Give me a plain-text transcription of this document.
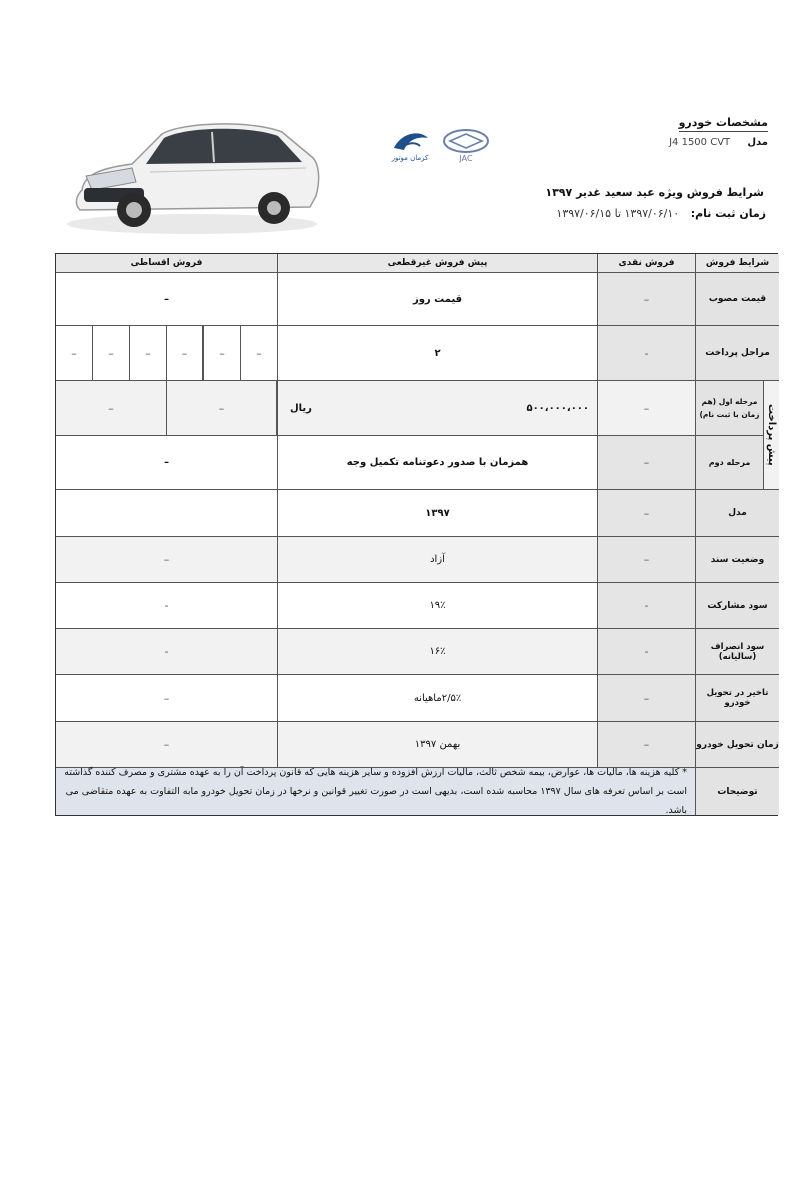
JAC
کرمان موتور
مشخصات خودرو
مدل J4 1500 CVT
شرایط فروش ویژه عید سعید غدیر ۱۳۹۷
زمان ثبت نام: ۱۳۹۷/۰۶/۱۰ تا ۱۳۹۷/۰۶/۱۵
شرایط فروش
فروش نقدی
پیش فروش غیرقطعی
فروش اقساطی
قیمت مصوب
–
قیمت روز
–
مراحل پرداخت
-
۲
–
–
–
–
–
–
پیش پرداخت
مرحله اول (هم زمان با ثبت نام)
–
۵۰۰،۰۰۰،۰۰۰
ریال
–
–
مرحله دوم
–
همزمان با صدور دعوتنامه تکمیل وجه
–
مدل
–
۱۳۹۷
وضعیت سند
–
آزاد
–
سود مشارکت
-
۱۹٪
-
سود انصراف (سالیانه)
-
۱۶٪
-
تاخیر در تحویل خودرو
–
۲/۵٪ماهیانه
–
زمان تحویل خودرو
–
بهمن ۱۳۹۷
–
توضیحات
* کلیه هزینه ها، مالیات ها، عوارض، بیمه شخص ثالث، مالیات ارزش افزوده و سایر هزینه هایی که قانون پرداخت آن را به عهده مشتری و مصرف کننده گذاشته است بر اساس تعرفه های سال ۱۳۹۷ محاسبه شده است، بدیهی است در صورت تغییر قوانین و نرخها در زمان تحویل خودرو مابه التفاوت به عهده متقاضی می باشد.
